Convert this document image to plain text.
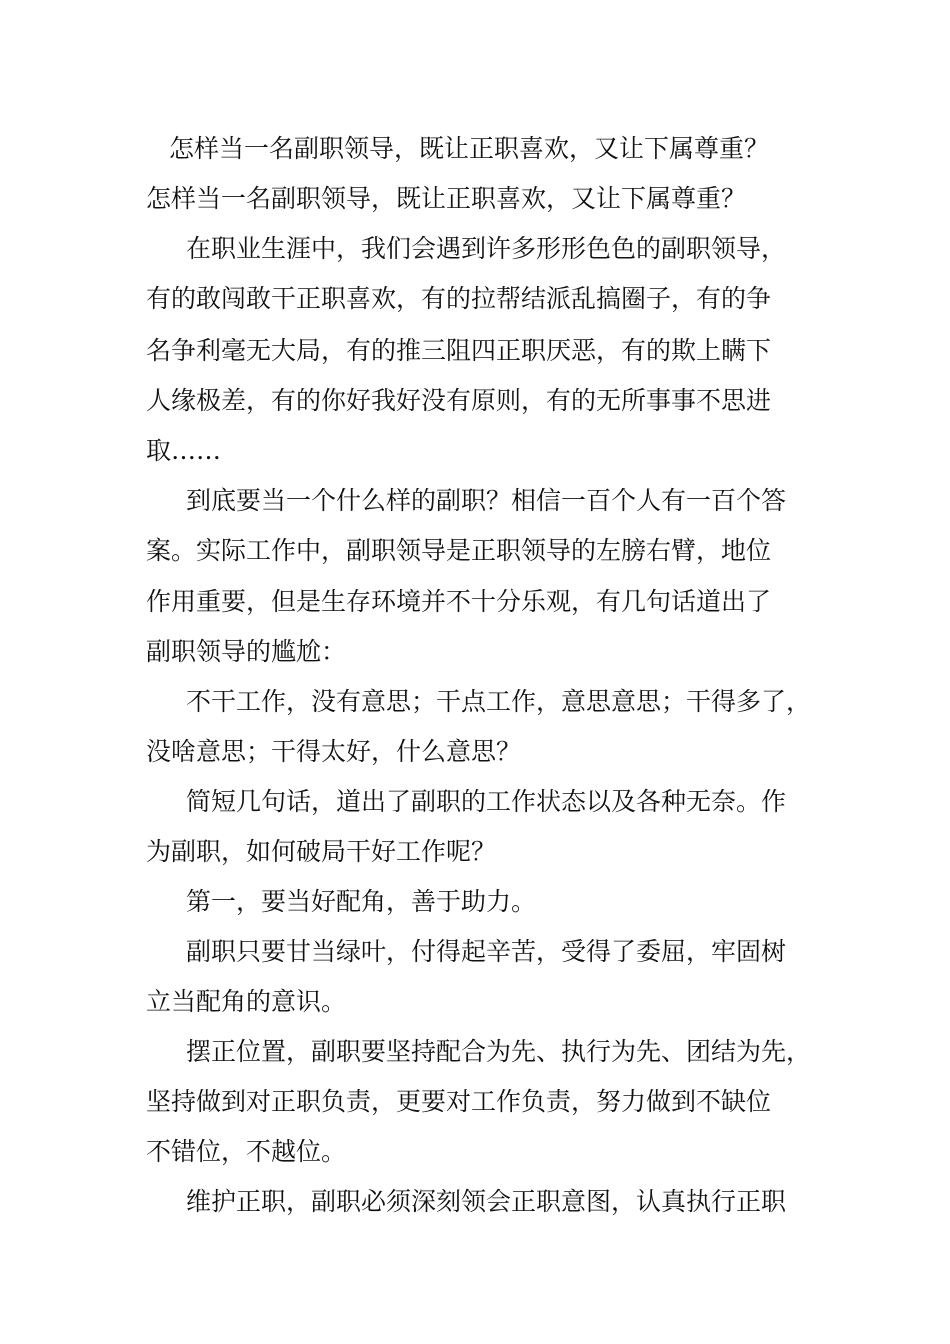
怎样当一名副职领导，既让正职喜欢，又让下属尊重？
怎样当一名副职领导，既让正职喜欢，又让下属尊重？
在职业生涯中，我们会遇到许多形形色色的副职领导，
有的敢闯敢干正职喜欢，有的拉帮结派乱搞圈子，有的争
名争利毫无大局，有的推三阻四正职厌恶，有的欺上瞒下
人缘极差，有的你好我好没有原则，有的无所事事不思进
取……
到底要当一个什么样的副职？相信一百个人有一百个答
案。实际工作中，副职领导是正职领导的左膀右臂，地位
作用重要，但是生存环境并不十分乐观，有几句话道出了
副职领导的尴尬：
不干工作，没有意思；干点工作，意思意思；干得多了，
没啥意思；干得太好，什么意思？
简短几句话，道出了副职的工作状态以及各种无奈。作
为副职，如何破局干好工作呢？
第一，要当好配角，善于助力。
副职只要甘当绿叶，付得起辛苦，受得了委屈，牢固树
立当配角的意识。
摆正位置，副职要坚持配合为先、执行为先、团结为先，
坚持做到对正职负责，更要对工作负责，努力做到不缺位
不错位，不越位。
维护正职，副职必须深刻领会正职意图，认真执行正职
